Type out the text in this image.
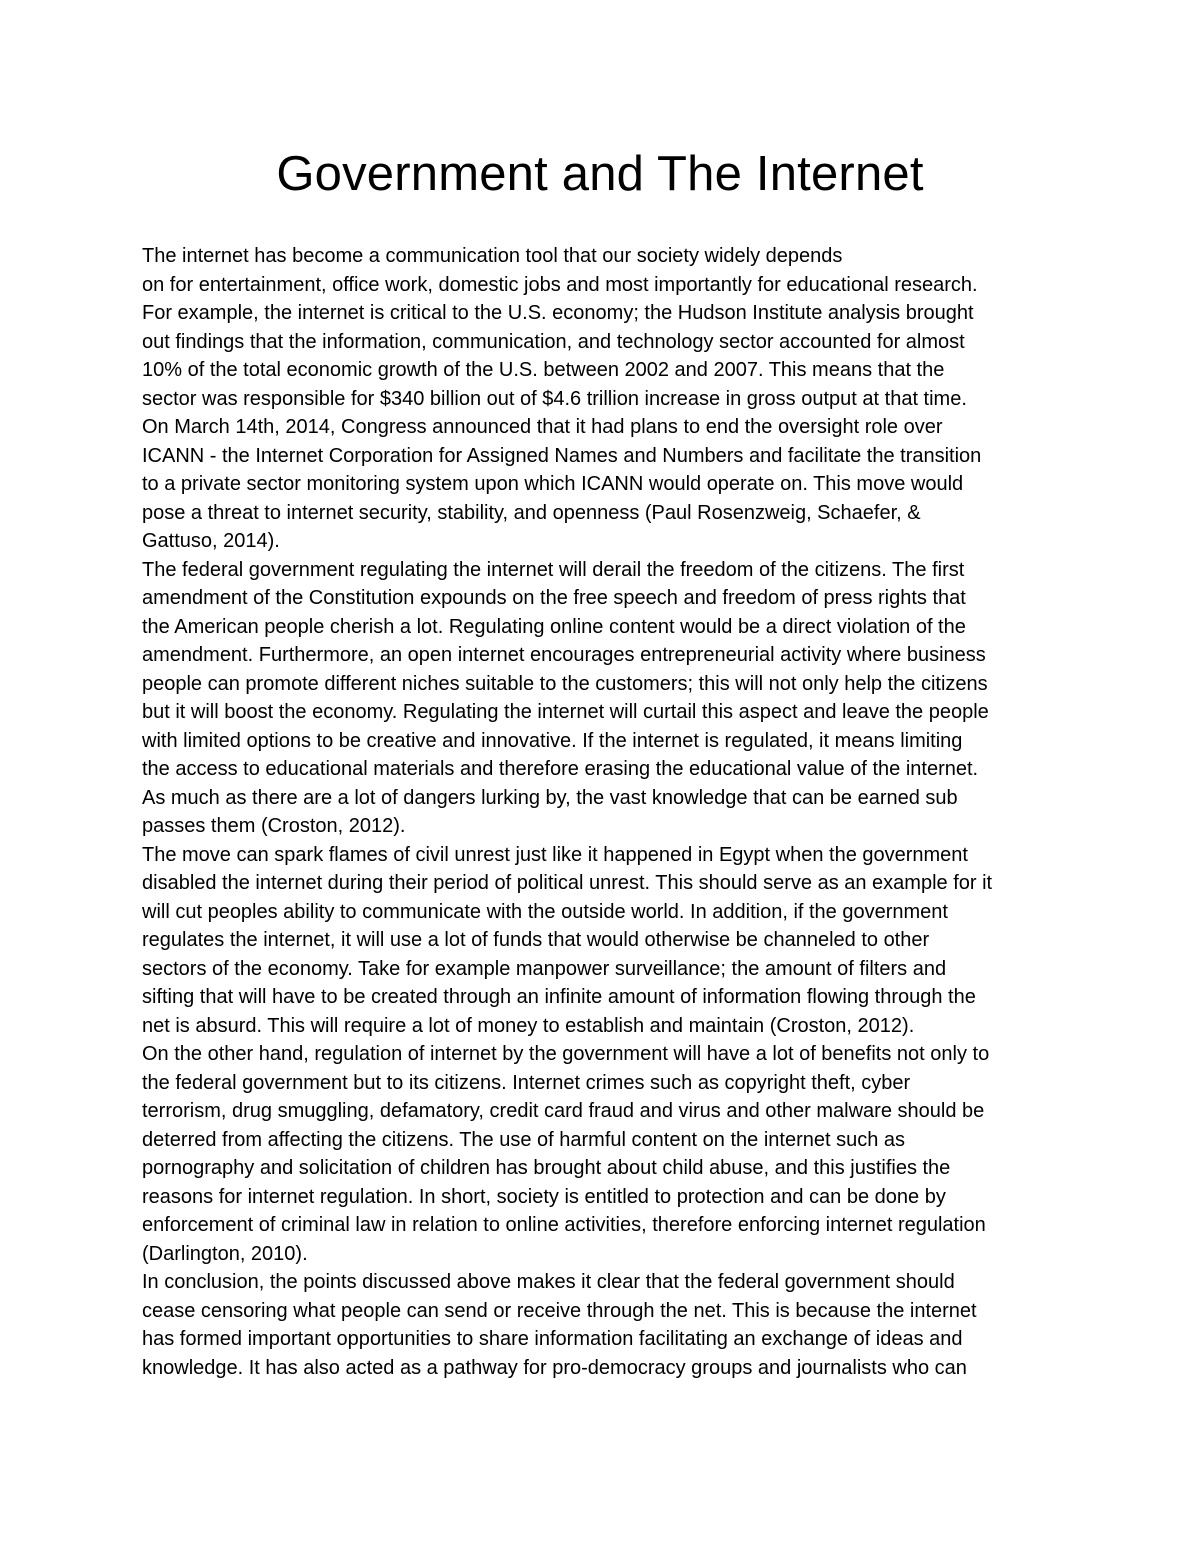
Government and The Internet
The internet has become a communication tool that our society widely depends
on for entertainment, office work, domestic jobs and most importantly for educational research.
For example, the internet is critical to the U.S. economy; the Hudson Institute analysis brought
out findings that the information, communication, and technology sector accounted for almost
10% of the total economic growth of the U.S. between 2002 and 2007. This means that the
sector was responsible for $340 billion out of $4.6 trillion increase in gross output at that time.
On March 14th, 2014, Congress announced that it had plans to end the oversight role over
ICANN - the Internet Corporation for Assigned Names and Numbers and facilitate the transition
to a private sector monitoring system upon which ICANN would operate on. This move would
pose a threat to internet security, stability, and openness (Paul Rosenzweig, Schaefer, &
Gattuso, 2014).
The federal government regulating the internet will derail the freedom of the citizens. The first
amendment of the Constitution expounds on the free speech and freedom of press rights that
the American people cherish a lot. Regulating online content would be a direct violation of the
amendment. Furthermore, an open internet encourages entrepreneurial activity where business
people can promote different niches suitable to the customers; this will not only help the citizens
but it will boost the economy. Regulating the internet will curtail this aspect and leave the people
with limited options to be creative and innovative. If the internet is regulated, it means limiting
the access to educational materials and therefore erasing the educational value of the internet.
As much as there are a lot of dangers lurking by, the vast knowledge that can be earned sub
passes them (Croston, 2012).
The move can spark flames of civil unrest just like it happened in Egypt when the government
disabled the internet during their period of political unrest. This should serve as an example for it
will cut peoples ability to communicate with the outside world. In addition, if the government
regulates the internet, it will use a lot of funds that would otherwise be channeled to other
sectors of the economy. Take for example manpower surveillance; the amount of filters and
sifting that will have to be created through an infinite amount of information flowing through the
net is absurd. This will require a lot of money to establish and maintain (Croston, 2012).
On the other hand, regulation of internet by the government will have a lot of benefits not only to
the federal government but to its citizens. Internet crimes such as copyright theft, cyber
terrorism, drug smuggling, defamatory, credit card fraud and virus and other malware should be
deterred from affecting the citizens. The use of harmful content on the internet such as
pornography and solicitation of children has brought about child abuse, and this justifies the
reasons for internet regulation. In short, society is entitled to protection and can be done by
enforcement of criminal law in relation to online activities, therefore enforcing internet regulation
(Darlington, 2010).
In conclusion, the points discussed above makes it clear that the federal government should
cease censoring what people can send or receive through the net. This is because the internet
has formed important opportunities to share information facilitating an exchange of ideas and
knowledge. It has also acted as a pathway for pro-democracy groups and journalists who can
